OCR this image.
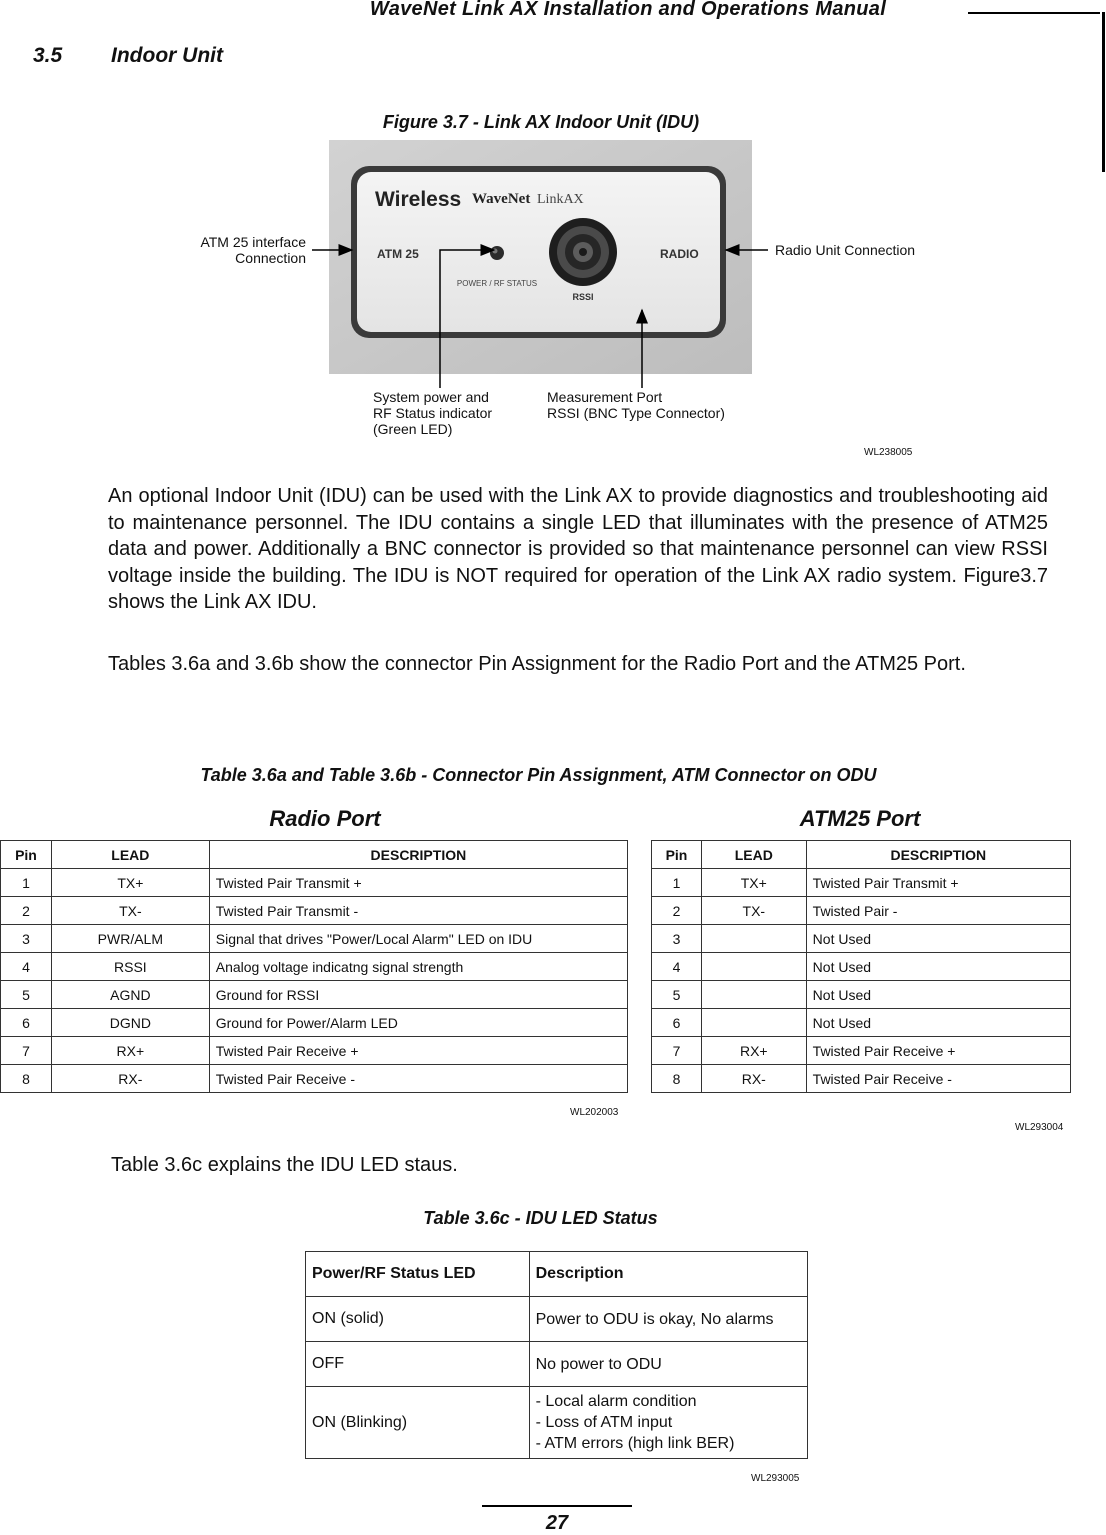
WaveNet Link AX Installation and Operations Manual
3.5 Indoor Unit
Figure 3.7 - Link AX Indoor Unit (IDU)
Wireless WaveNet LinkAX
ATM 25	RADIO
POWER / RF STATUS
RSSI
ATM 25 interface
Connection	Radio Unit Connection
System power and
RF Status indicator
(Green LED)
Measurement Port
RSSI (BNC Type Connector)
WL238005
An optional Indoor Unit (IDU) can be used with the Link AX to provide diagnostics and troubleshooting aid to maintenance personnel. The IDU contains a single LED that illuminates with the presence of ATM25 data and power. Additionally a BNC connector is provided so that maintenance personnel can view RSSI voltage inside the building. The IDU is NOT required for operation of the Link AX radio system. Figure3.7 shows the Link AX IDU.
Tables 3.6a and 3.6b show the connector Pin Assignment for the Radio Port and the ATM25 Port.
Table 3.6a and Table 3.6b - Connector Pin Assignment, ATM Connector on ODU
Radio Port	ATM25 Port
Pin	LEAD	DESCRIPTION
1	TX+	Twisted Pair Transmit +
2	TX-	Twisted Pair Transmit -
3	PWR/ALM	Signal that drives "Power/Local Alarm" LED on IDU
4	RSSI	Analog voltage indicatng signal strength
5	AGND	Ground for RSSI
6	DGND	Ground for Power/Alarm LED
7	RX+	Twisted Pair Receive +
8	RX-	Twisted Pair Receive -
WL202003
Pin	LEAD	DESCRIPTION
1	TX+	Twisted Pair Transmit +
2	TX-	Twisted Pair -
3		Not Used
4		Not Used
5		Not Used
6		Not Used
7	RX+	Twisted Pair Receive +
8	RX-	Twisted Pair Receive -
WL293004
Table 3.6c explains the IDU LED staus.
Table 3.6c - IDU LED Status
Power/RF Status LED	Description
ON (solid)	Power to ODU is okay, No alarms

OFF	No power to ODU

ON (Blinking)	- Local alarm condition
- Loss of ATM input
- ATM errors (high link BER)
WL293005
27
